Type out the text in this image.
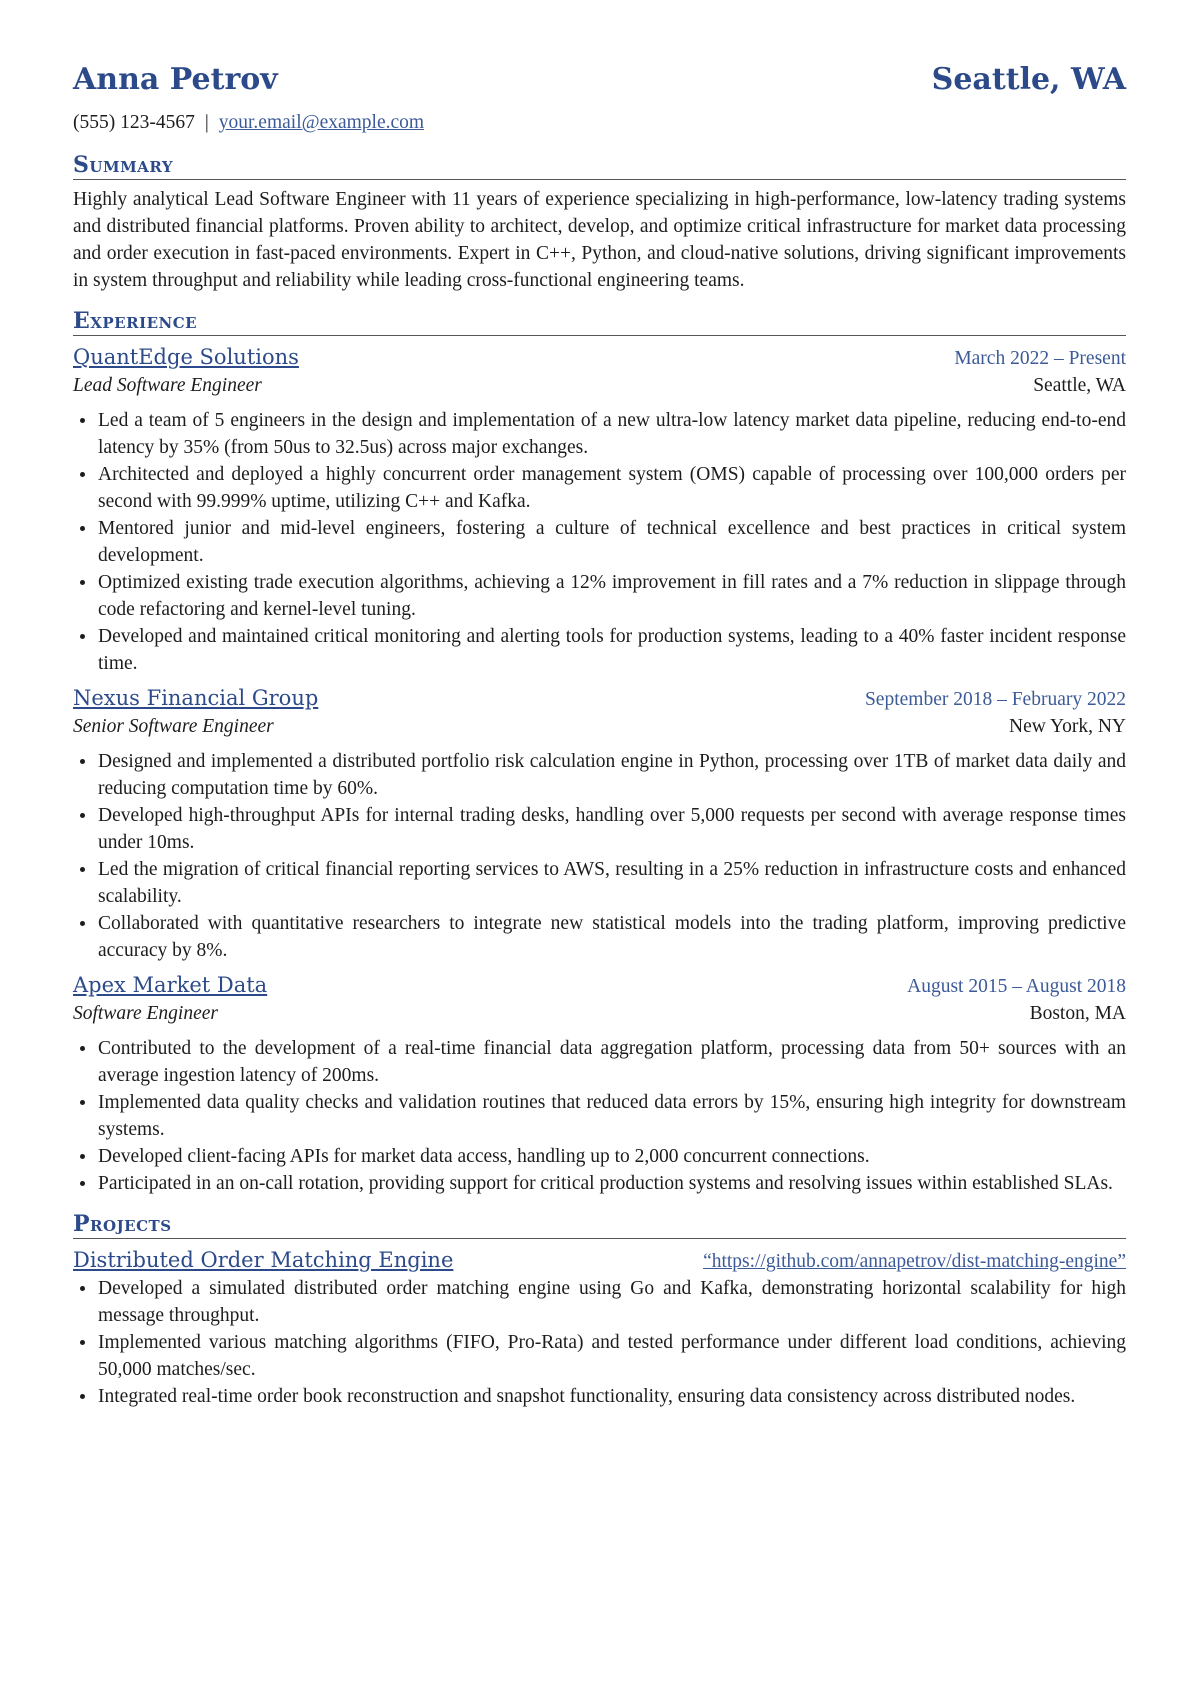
Anna Petrov	Seattle, WA
(555) 123-4567 | your.email@example.com
Summary
Highly analytical Lead Software Engineer with 11 years of experience specializing in high-performance, low-latency trading systems and distributed financial platforms. Proven ability to architect, develop, and optimize critical infrastructure for market data processing and order execution in fast-paced environments. Expert in C++, Python, and cloud-native solutions, driving significant improvements in system throughput and reliability while leading cross-functional engineering teams.
Experience
QuantEdge Solutions	March 2022 – Present
Lead Software Engineer	Seattle, WA
Led a team of 5 engineers in the design and implementation of a new ultra-low latency market data pipeline, reducing end-to-end latency by 35% (from 50us to 32.5us) across major exchanges.
Architected and deployed a highly concurrent order management system (OMS) capable of processing over 100,000 orders per second with 99.999% uptime, utilizing C++ and Kafka.
Mentored junior and mid-level engineers, fostering a culture of technical excellence and best practices in critical system development.
Optimized existing trade execution algorithms, achieving a 12% improvement in fill rates and a 7% reduction in slippage through code refactoring and kernel-level tuning.
Developed and maintained critical monitoring and alerting tools for production systems, leading to a 40% faster incident response time.
Nexus Financial Group	September 2018 – February 2022
Senior Software Engineer	New York, NY
Designed and implemented a distributed portfolio risk calculation engine in Python, processing over 1TB of market data daily and reducing computation time by 60%.
Developed high-throughput APIs for internal trading desks, handling over 5,000 requests per second with average response times under 10ms.
Led the migration of critical financial reporting services to AWS, resulting in a 25% reduction in infrastructure costs and enhanced scalability.
Collaborated with quantitative researchers to integrate new statistical models into the trading platform, improving predictive accuracy by 8%.
Apex Market Data	August 2015 – August 2018
Software Engineer	Boston, MA
Contributed to the development of a real-time financial data aggregation platform, processing data from 50+ sources with an average ingestion latency of 200ms.
Implemented data quality checks and validation routines that reduced data errors by 15%, ensuring high integrity for downstream systems.
Developed client-facing APIs for market data access, handling up to 2,000 concurrent connections.
Participated in an on-call rotation, providing support for critical production systems and resolving issues within established SLAs.
Projects
Distributed Order Matching Engine	“https://github.com/annapetrov/dist-matching-engine”
Developed a simulated distributed order matching engine using Go and Kafka, demonstrating horizontal scalability for high message throughput.
Implemented various matching algorithms (FIFO, Pro-Rata) and tested performance under different load conditions, achieving 50,000 matches/sec.
Integrated real-time order book reconstruction and snapshot functionality, ensuring data consistency across distributed nodes.
